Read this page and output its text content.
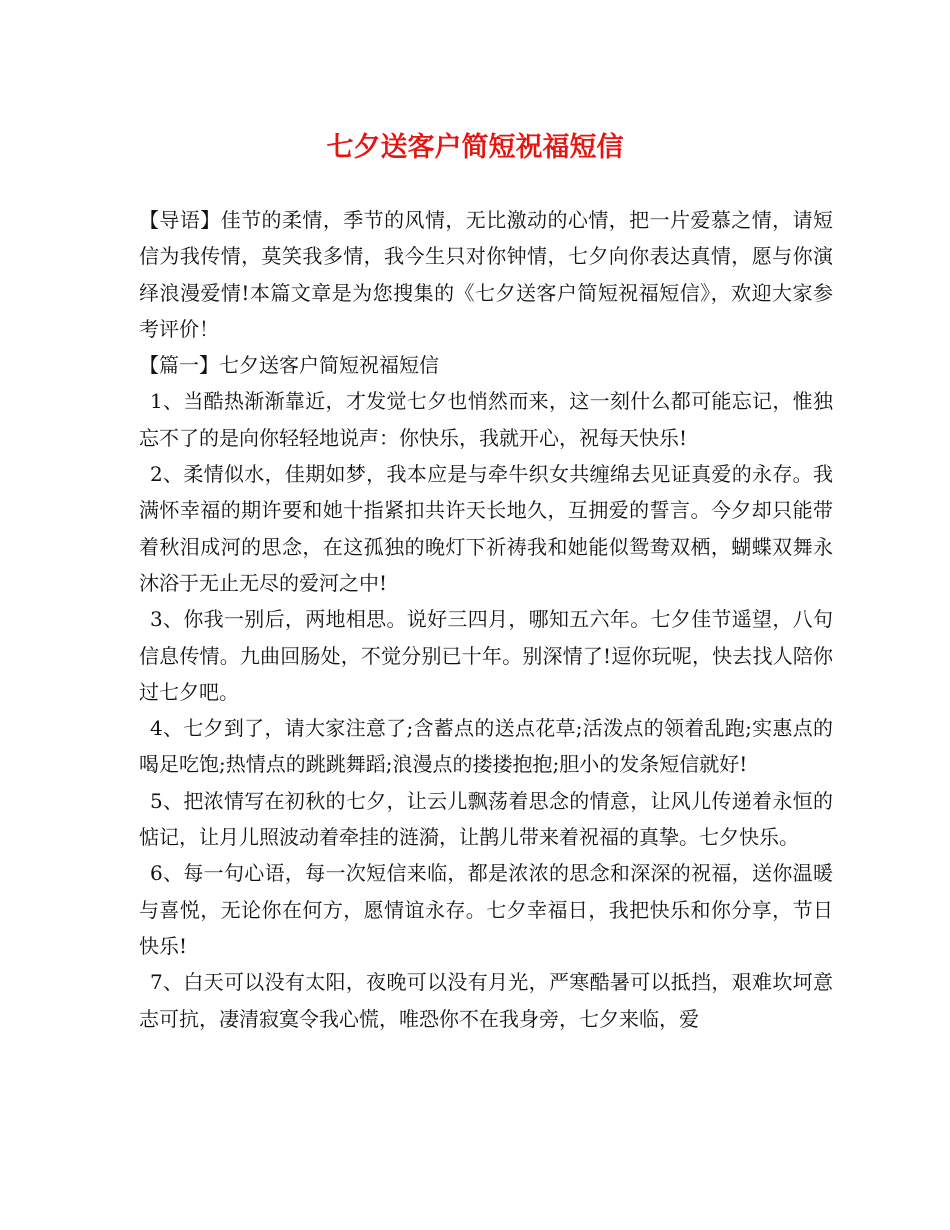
七夕送客户简短祝福短信

【导语】佳节的柔情，季节的风情，无比激动的心情，把一片爱慕之情，请短信为我传情，莫笑我多情，我今生只对你钟情，七夕向你表达真情，愿与你演绎浪漫爱情!本篇文章是为您搜集的《七夕送客户简短祝福短信》，欢迎大家参考评价！

【篇一】七夕送客户简短祝福短信

1、当酷热渐渐靠近，才发觉七夕也悄然而来，这一刻什么都可能忘记，惟独忘不了的是向你轻轻地说声：你快乐，我就开心，祝每天快乐!

2、柔情似水，佳期如梦，我本应是与牵牛织女共缠绵去见证真爱的永存。我满怀幸福的期许要和她十指紧扣共许天长地久，互拥爱的誓言。今夕却只能带着秋泪成河的思念，在这孤独的晚灯下祈祷我和她能似鸳鸯双栖，蝴蝶双舞永沐浴于无止无尽的爱河之中!

3、你我一别后，两地相思。说好三四月，哪知五六年。七夕佳节遥望，八句信息传情。九曲回肠处，不觉分别已十年。别深情了!逗你玩呢，快去找人陪你过七夕吧。

4、七夕到了，请大家注意了;含蓄点的送点花草;活泼点的领着乱跑;实惠点的喝足吃饱;热情点的跳跳舞蹈;浪漫点的搂搂抱抱;胆小的发条短信就好!

5、把浓情写在初秋的七夕，让云儿飘荡着思念的情意，让风儿传递着永恒的惦记，让月儿照波动着牵挂的涟漪，让鹊儿带来着祝福的真挚。七夕快乐。

6、每一句心语，每一次短信来临，都是浓浓的思念和深深的祝福，送你温暖与喜悦，无论你在何方，愿情谊永存。七夕幸福日，我把快乐和你分享，节日快乐!

7、白天可以没有太阳，夜晚可以没有月光，严寒酷暑可以抵挡，艰难坎坷意志可抗，凄清寂寞令我心慌，唯恐你不在我身旁，七夕来临，爱
